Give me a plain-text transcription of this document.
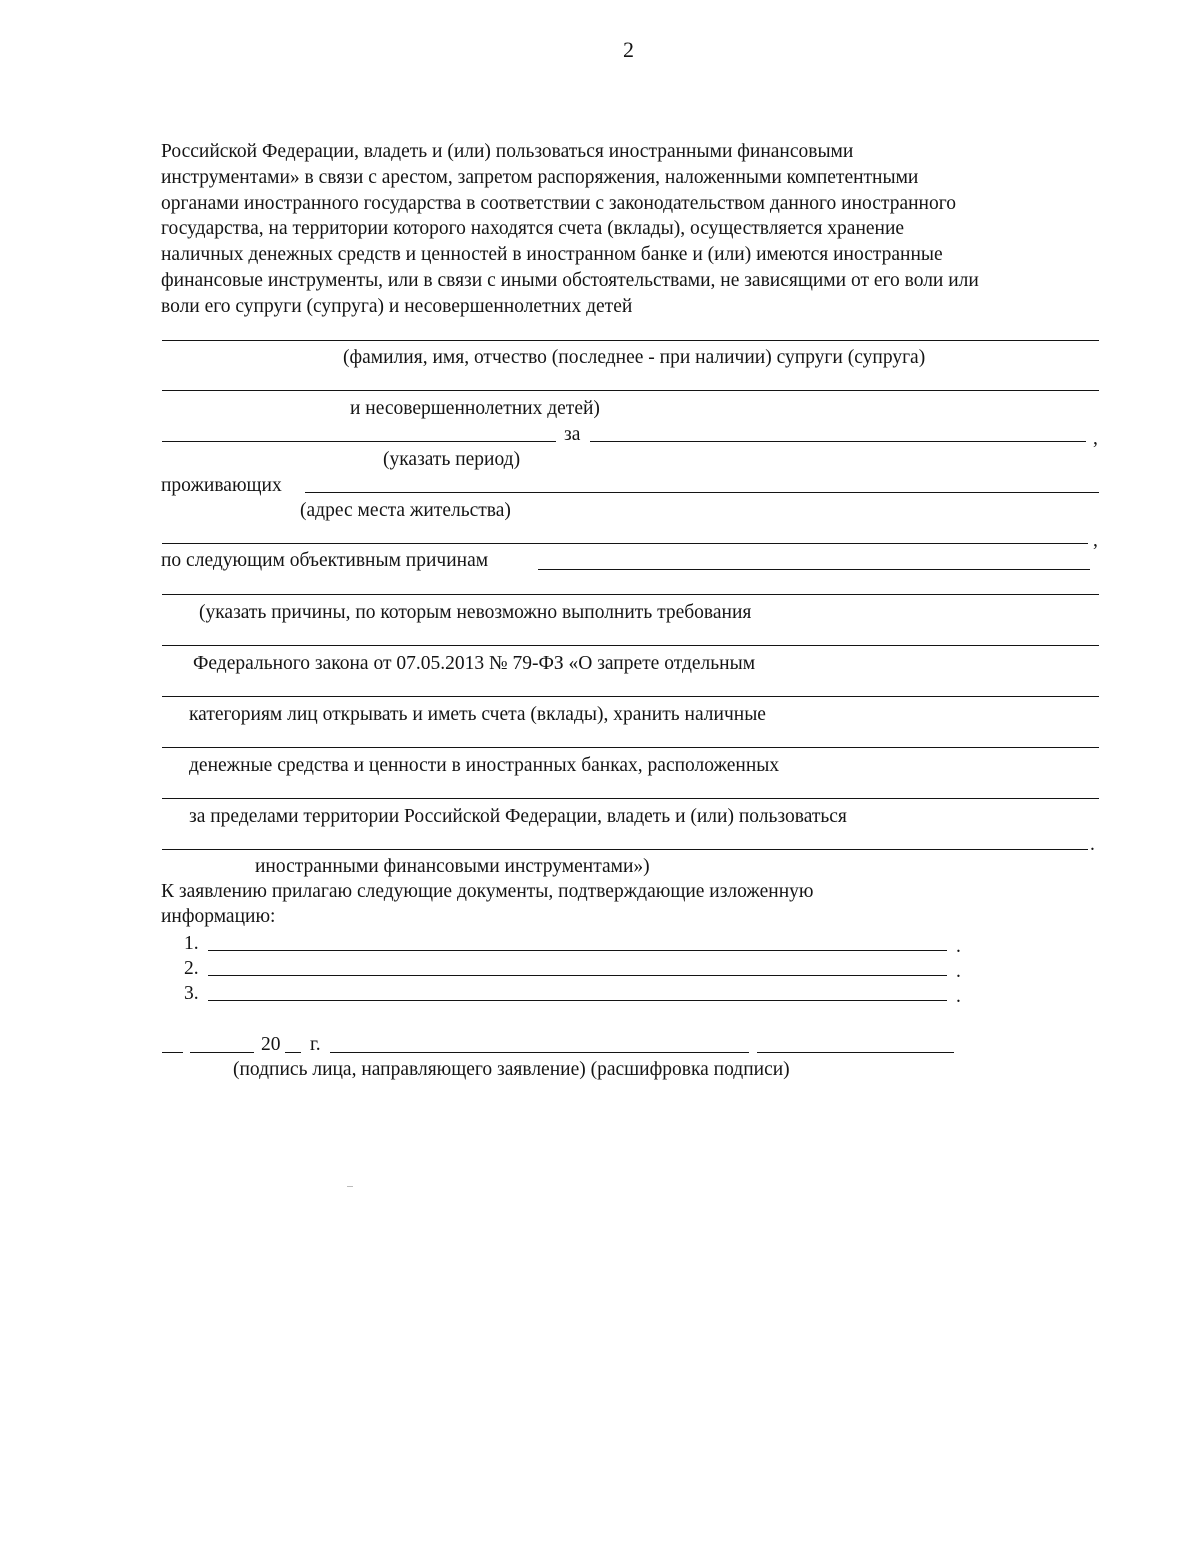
2
Российской Федерации, владеть и (или) пользоваться иностранными финансовыми
инструментами» в связи с арестом, запретом распоряжения, наложенными компетентными
органами иностранного государства в соответствии с законодательством данного иностранного
государства, на территории которого находятся счета (вклады), осуществляется хранение
наличных денежных средств и ценностей в иностранном банке и (или) имеются иностранные
финансовые инструменты, или в связи с иными обстоятельствами, не зависящими от его воли или
воли его супруги (супруга) и несовершеннолетних детей
(фамилия, имя, отчество (последнее - при наличии) супруги (супруга)
и несовершеннолетних детей)
за	,
(указать период)
проживающих
(адрес места жительства)
,
по следующим объективным причинам
(указать причины, по которым невозможно выполнить требования
Федерального закона от 07.05.2013 № 79-ФЗ «О запрете отдельным
категориям лиц открывать и иметь счета (вклады), хранить наличные
денежные средства и ценности в иностранных банках, расположенных
за пределами территории Российской Федерации, владеть и (или) пользоваться
.
иностранными финансовыми инструментами»)
К заявлению прилагаю следующие документы, подтверждающие изложенную
информацию:
1.	.
2.	.
3.	.
20 г.
(подпись лица, направляющего заявление) (расшифровка подписи)
